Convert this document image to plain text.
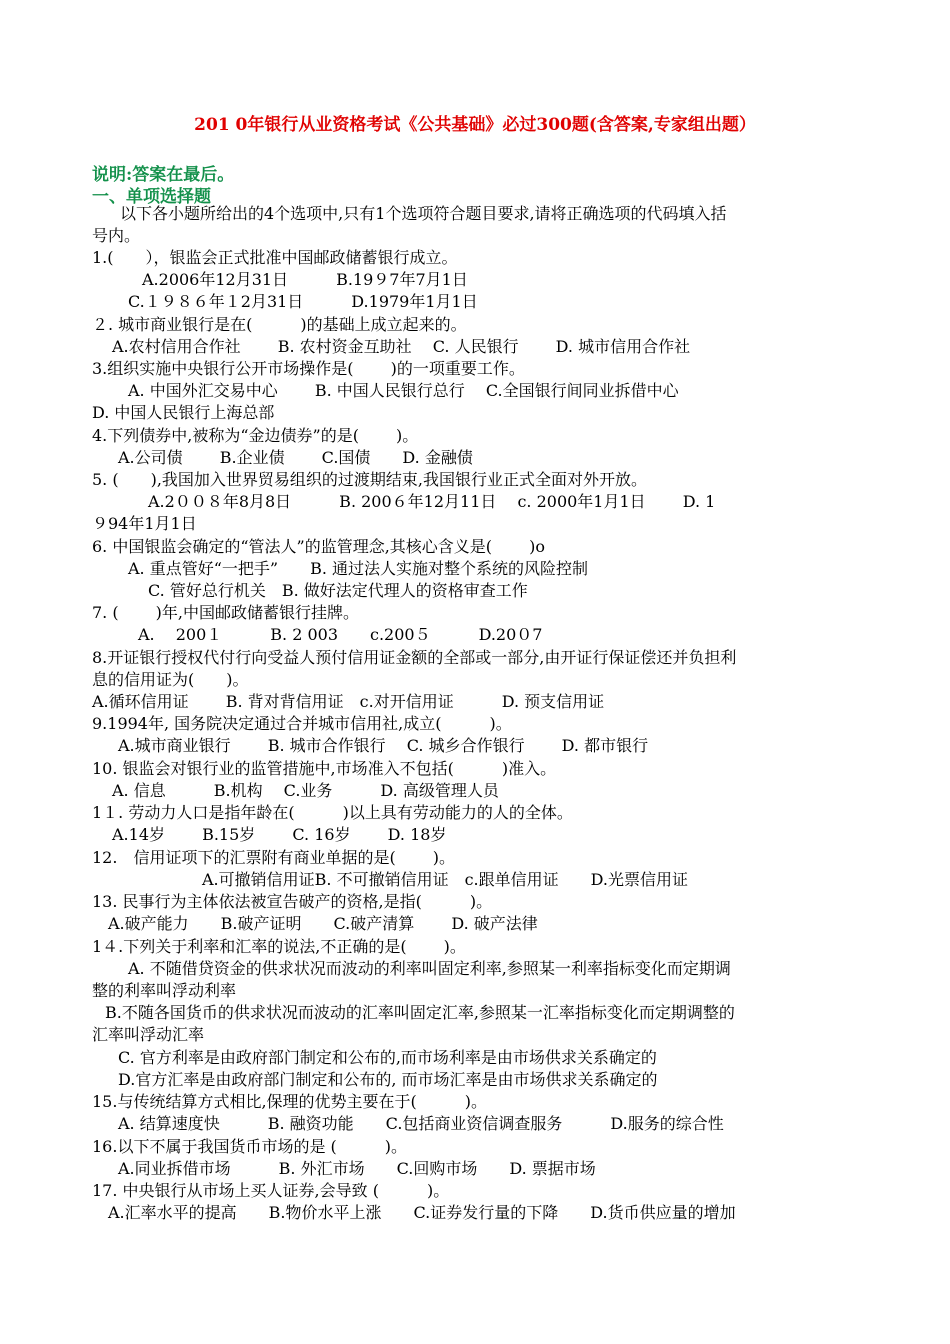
201 0年银行从业资格考试《公共基础》必过300题(含答案,专家组出题）
说明:答案在最后。
一、单项选择题
以下各小题所给出的4个选项中,只有1个选项符合题目要求,请将正确选项的代码填入括
号内。
1.(　　），银监会正式批准中国邮政储蓄银行成立。
A.2006年12月31日　　　B.19９7年7月1日
C.１９８６年１2月31日　　　D.1979年1月1日
２. 城市商业银行是在(　　　)的基础上成立起来的。
A.农村信用合作社　　 B. 农村资金互助社　 C. 人民银行　　 D. 城市信用合作社
3.组织实施中央银行公开市场操作是(　　 )的一项重要工作。
A. 中国外汇交易中心　　 B. 中国人民银行总行　 C.全国银行间同业拆借中心
D. 中国人民银行上海总部
4.下列债券中,被称为“金边债券”的是(　　 )。
A.公司债　　 B.企业债　　 C.国债　　D. 金融债
5. (　　),我国加入世界贸易组织的过渡期结束,我国银行业正式全面对外开放。
A.2００８年8月8日　　　B. 200６年12月11日　 c. 2000年1月1日　　 D. 1
９94年1月1日
6. 中国银监会确定的“管法人”的监管理念,其核心含义是(　　 )o
A. 重点管好“一把手”　　B. 通过法人实施对整个系统的风险控制
C. 管好总行机关　B. 做好法定代理人的资格审查工作
7. (　　 )年,中国邮政储蓄银行挂牌。
A.　 200１　　　B. 2 003　　c.200５　　　D.20０7
8.开证银行授权代付行向受益人预付信用证金额的全部或一部分,由开证行保证偿还并负担利
息的信用证为(　　)。
A.循环信用证　　 B. 背对背信用证　c.对开信用证　　　D. 预支信用证
9.1994年, 国务院决定通过合并城市信用社,成立(　　　)。
A.城市商业银行　　 B. 城市合作银行　 C. 城乡合作银行　　 D. 都市银行
10. 银监会对银行业的监管措施中,市场准入不包括(　　　)准入。
A. 信息　　　B.机构　 C.业务　　　D. 高级管理人员
1１. 劳动力人口是指年龄在(　　　)以上具有劳动能力的人的全体。
A.14岁　　 B.15岁　　 C. 16岁　　 D. 18岁
12.　信用证项下的汇票附有商业单据的是(　　 )。
A.可撤销信用证B. 不可撤销信用证　c.跟单信用证　　D.光票信用证
13. 民事行为主体依法被宣告破产的资格,是指(　　　)。
A.破产能力　　B.破产证明　　C.破产清算　　 D. 破产法律
1４.下列关于利率和汇率的说法,不正确的是(　　 )。
A. 不随借贷资金的供求状况而波动的利率叫固定利率,参照某一利率指标变化而定期调
整的利率叫浮动利率
B.不随各国货币的供求状况而波动的汇率叫固定汇率,参照某一汇率指标变化而定期调整的
汇率叫浮动汇率
C. 官方利率是由政府部门制定和公布的,而市场利率是由市场供求关系确定的
D.官方汇率是由政府部门制定和公布的, 而市场汇率是由市场供求关系确定的
15.与传统结算方式相比,保理的优势主要在于(　　　)。
A. 结算速度快　　　B. 融资功能　　C.包括商业资信调查服务　　　D.服务的综合性
16.以下不属于我国货币市场的是 (　　　)。
A.同业拆借市场　　　B. 外汇市场　　C.回购市场　　D. 票据市场
17. 中央银行从市场上买人证券,会导致 (　　　)。
A.汇率水平的提高　　B.物价水平上涨　　C.证券发行量的下降　　D.货币供应量的增加
